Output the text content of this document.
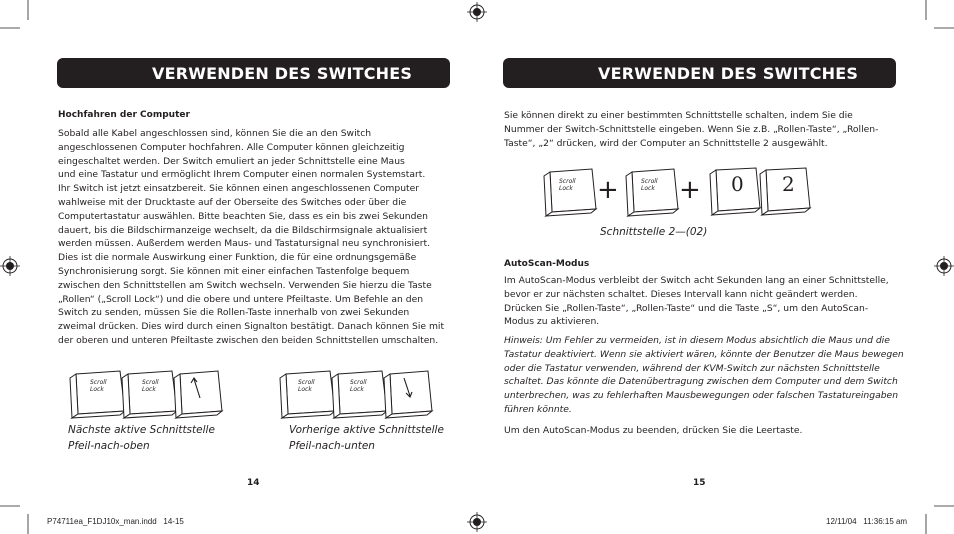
VERWENDEN DES SWITCHES
Hochfahren der Computer
Sobald alle Kabel angeschlossen sind, können Sie die an den Switch
angeschlossenen Computer hochfahren. Alle Computer können gleichzeitig
eingeschaltet werden. Der Switch emuliert an jeder Schnittstelle eine Maus
und eine Tastatur und ermöglicht Ihrem Computer einen normalen Systemstart.
Ihr Switch ist jetzt einsatzbereit. Sie können einen angeschlossenen Computer
wahlweise mit der Drucktaste auf der Oberseite des Switches oder über die
Computertastatur auswählen. Bitte beachten Sie, dass es ein bis zwei Sekunden
dauert, bis die Bildschirmanzeige wechselt, da die Bildschirmsignale aktualisiert
werden müssen. Außerdem werden Maus- und Tastatursignal neu synchronisiert.
Dies ist die normale Auswirkung einer Funktion, die für eine ordnungsgemäße
Synchronisierung sorgt. Sie können mit einer einfachen Tastenfolge bequem
zwischen den Schnittstellen am Switch wechseln. Verwenden Sie hierzu die Taste
„Rollen“ („Scroll Lock“) und die obere und untere Pfeiltaste. Um Befehle an den
Switch zu senden, müssen Sie die Rollen-Taste innerhalb von zwei Sekunden
zweimal drücken. Dies wird durch einen Signalton bestätigt. Danach können Sie mit
der oberen und unteren Pfeiltaste zwischen den beiden Schnittstellen umschalten.
Scroll
Lock
Scroll
Lock
Scroll
Lock
Scroll
Lock
Nächste aktive Schnittstelle
Pfeil-nach-oben
Vorherige aktive Schnittstelle
Pfeil-nach-unten
14
VERWENDEN DES SWITCHES
Sie können direkt zu einer bestimmten Schnittstelle schalten, indem Sie die
Nummer der Switch-Schnittstelle eingeben. Wenn Sie z.B. „Rollen-Taste“, „Rollen-
Taste“, „2“ drücken, wird der Computer an Schnittstelle 2 ausgewählt.
Scroll
Lock +	Scroll
Lock + 0 2
Schnittstelle 2—(02)
AutoScan-Modus
Im AutoScan-Modus verbleibt der Switch acht Sekunden lang an einer Schnittstelle,
bevor er zur nächsten schaltet. Dieses Intervall kann nicht geändert werden.
Drücken Sie „Rollen-Taste“, „Rollen-Taste“ und die Taste „S“, um den AutoScan-
Modus zu aktivieren.
Hinweis: Um Fehler zu vermeiden, ist in diesem Modus absichtlich die Maus und die
Tastatur deaktiviert. Wenn sie aktiviert wären, könnte der Benutzer die Maus bewegen
oder die Tastatur verwenden, während der KVM-Switch zur nächsten Schnittstelle
schaltet. Das könnte die Datenübertragung zwischen dem Computer und dem Switch
unterbrechen, was zu fehlerhaften Mausbewegungen oder falschen Tastatureingaben
führen könnte.
Um den AutoScan-Modus zu beenden, drücken Sie die Leertaste.
15
P74711ea_F1DJ10x_man.indd   14-15	12/11/04   11:36:15 am
